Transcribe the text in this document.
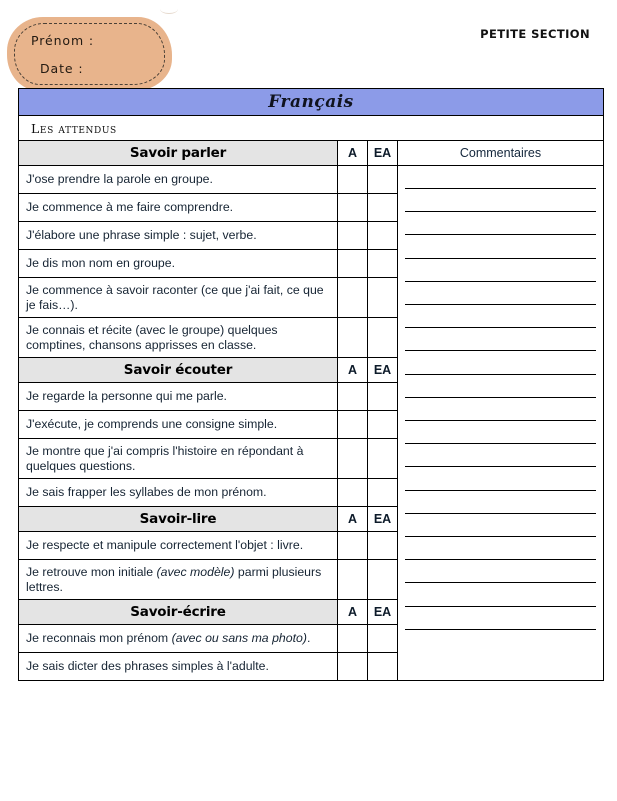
PETITE SECTION
Prénom :
Date :
Français			
Les attendus			
Savoir parler	A	EA	Commentaires
J'ose prendre la parole en groupe.			

Je commence à me faire comprendre.			
J'élabore une phrase simple : sujet, verbe.			
Je dis mon nom en groupe.			
Je commence à savoir raconter (ce que j'ai fait, ce que je fais…).			
Je connais et récite (avec le groupe) quelques comptines, chansons apprisses en classe.			
Savoir écouter	A	EA	
Je regarde la personne qui me parle.			
J'exécute, je comprends une consigne simple.			
Je montre que j'ai compris l'histoire en répondant à quelques questions.			
Je sais frapper les syllabes de mon prénom.			
Savoir-lire	A	EA	
Je respecte et manipule correctement l'objet : livre.			
Je retrouve mon initiale (avec modèle) parmi plusieurs lettres.			
Savoir-écrire	A	EA	
Je reconnais mon prénom (avec ou sans ma photo).			
Je sais dicter des phrases simples à l'adulte.			
